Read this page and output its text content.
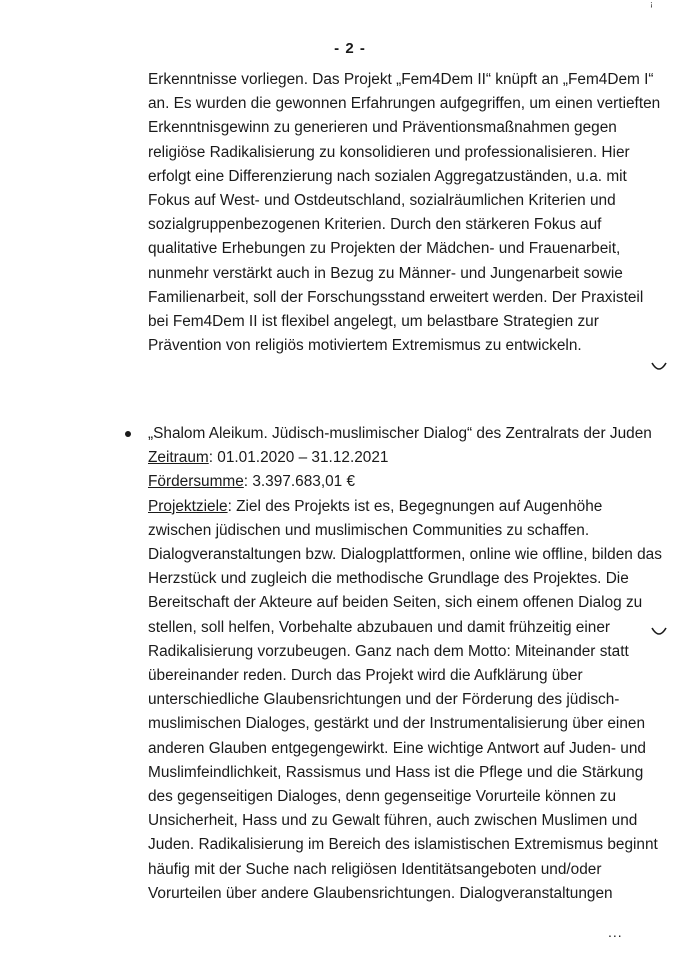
ꜞ
- 2 -
Erkenntnisse vorliegen. Das Projekt „Fem4Dem II“ knüpft an „Fem4Dem I“
an. Es wurden die gewonnen Erfahrungen aufgegriffen, um einen vertieften
Erkenntnisgewinn zu generieren und Präventionsmaßnahmen gegen
religiöse Radikalisierung zu konsolidieren und professionalisieren. Hier
erfolgt eine Differenzierung nach sozialen Aggregatzuständen, u.a. mit
Fokus auf West- und Ostdeutschland, sozialräumlichen Kriterien und
sozialgruppenbezogenen Kriterien. Durch den stärkeren Fokus auf
qualitative Erhebungen zu Projekten der Mädchen- und Frauenarbeit,
nunmehr verstärkt auch in Bezug zu Männer- und Jungenarbeit sowie
Familienarbeit, soll der Forschungsstand erweitert werden. Der Praxisteil
bei Fem4Dem II ist flexibel angelegt, um belastbare Strategien zur
Prävention von religiös motiviertem Extremismus zu entwickeln.
„Shalom Aleikum. Jüdisch-muslimischer Dialog“ des Zentralrats der Juden
Zeitraum: 01.01.2020 – 31.12.2021
Fördersumme: 3.397.683,01 €
Projektziele: Ziel des Projekts ist es, Begegnungen auf Augenhöhe
zwischen jüdischen und muslimischen Communities zu schaffen.
Dialogveranstaltungen bzw. Dialogplattformen, online wie offline, bilden das
Herzstück und zugleich die methodische Grundlage des Projektes. Die
Bereitschaft der Akteure auf beiden Seiten, sich einem offenen Dialog zu
stellen, soll helfen, Vorbehalte abzubauen und damit frühzeitig einer
Radikalisierung vorzubeugen. Ganz nach dem Motto: Miteinander statt
übereinander reden. Durch das Projekt wird die Aufklärung über
unterschiedliche Glaubensrichtungen und der Förderung des jüdisch-
muslimischen Dialoges, gestärkt und der Instrumentalisierung über einen
anderen Glauben entgegengewirkt. Eine wichtige Antwort auf Juden- und
Muslimfeindlichkeit, Rassismus und Hass ist die Pflege und die Stärkung
des gegenseitigen Dialoges, denn gegenseitige Vorurteile können zu
Unsicherheit, Hass und zu Gewalt führen, auch zwischen Muslimen und
Juden. Radikalisierung im Bereich des islamistischen Extremismus beginnt
häufig mit der Suche nach religiösen Identitätsangeboten und/oder
Vorurteilen über andere Glaubensrichtungen. Dialogveranstaltungen
...
